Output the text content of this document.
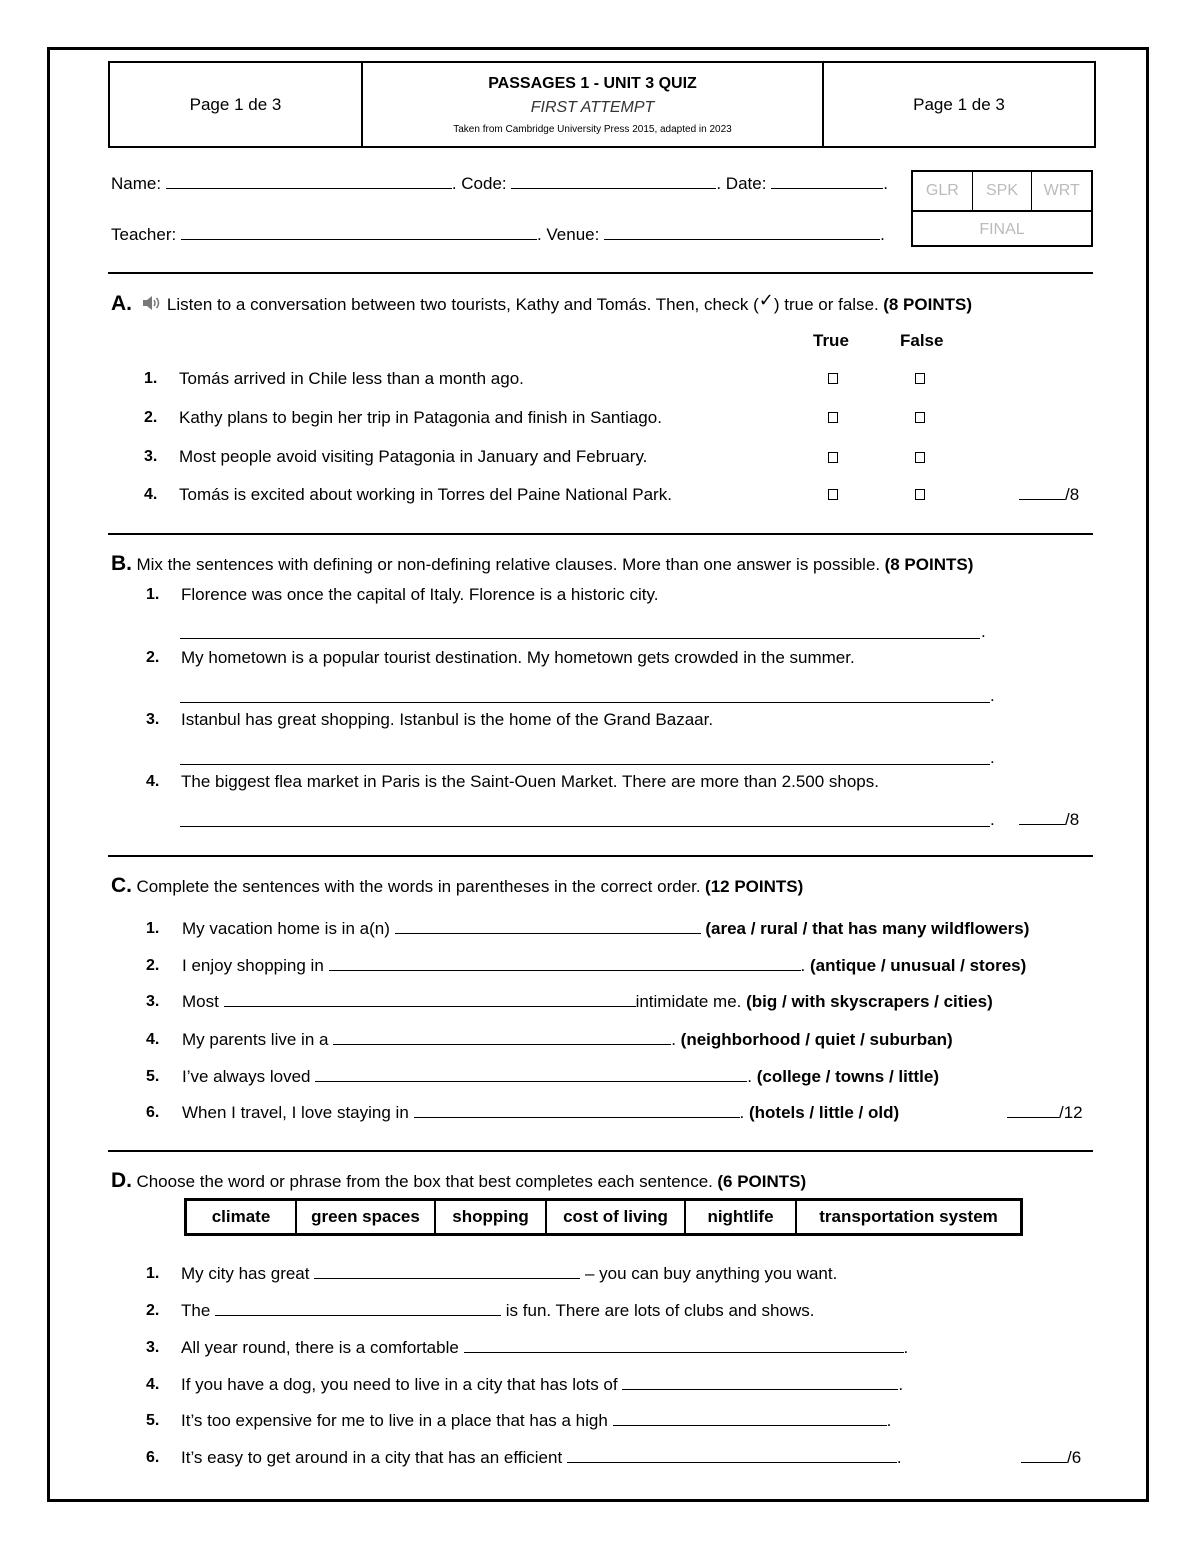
Page 1 de 3
PASSAGES 1 - UNIT 3 QUIZ
FIRST ATTEMPT
Taken from Cambridge University Press 2015, adapted in 2023
Page 1 de 3
Name:	. Code:	. Date:	.
Teacher:	. Venue:	.
GLR	SPK	WRT
FINAL
A. Listen to a conversation between two tourists, Kathy and Tomás. Then, check (✓) true or false. (8 POINTS)
True	False
1. Tomás arrived in Chile less than a month ago.
2. Kathy plans to begin her trip in Patagonia and finish in Santiago.
3. Most people avoid visiting Patagonia in January and February.
4. Tomás is excited about working in Torres del Paine National Park.	/8
B. Mix the sentences with defining or non-defining relative clauses. More than one answer is possible. (8 POINTS)
1. Florence was once the capital of Italy. Florence is a historic city.
.
2. My hometown is a popular tourist destination. My hometown gets crowded in the summer.
.
3. Istanbul has great shopping. Istanbul is the home of the Grand Bazaar.
.
4. The biggest flea market in Paris is the Saint-Ouen Market. There are more than 2.500 shops.
.	/8
C. Complete the sentences with the words in parentheses in the correct order. (12 POINTS)
1. My vacation home is in a(n)	(area / rural / that has many wildflowers)
2. I enjoy shopping in	. (antique / unusual / stores)
3. Most	intimidate me. (big / with skyscrapers / cities)
4. My parents live in a	. (neighborhood / quiet / suburban)
5. I’ve always loved	. (college / towns / little)
6. When I travel, I love staying in	. (hotels / little / old)	/12
D. Choose the word or phrase from the box that best completes each sentence. (6 POINTS)
climate	green spaces	shopping	cost of living	nightlife	transportation system
1. My city has great	– you can buy anything you want.
2. The	is fun. There are lots of clubs and shows.
3. All year round, there is a comfortable	.
4. If you have a dog, you need to live in a city that has lots of	.
5. It’s too expensive for me to live in a place that has a high	.
6. It’s easy to get around in a city that has an efficient	.	/6
